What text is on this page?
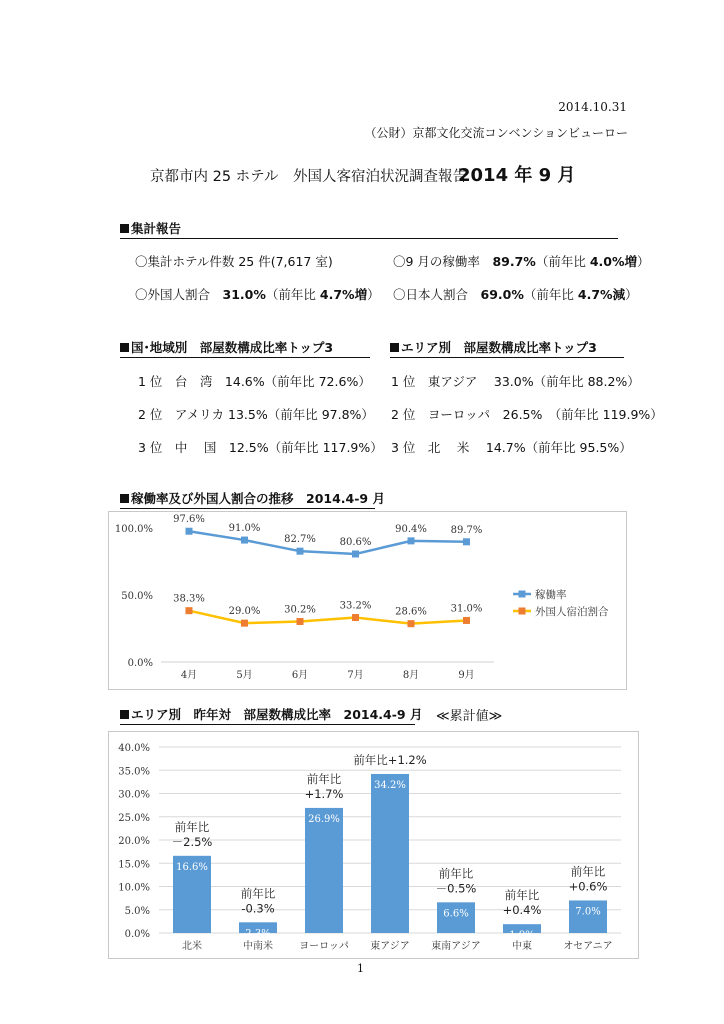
2014.10.31
（公財）京都文化交流コンベンションビューロー
京都市内 25 ホテル　外国人客宿泊状況調査報告
2014 年 9 月
集計報告
〇集計ホテル件数 25 件(7,617 室)	〇9 月の稼働率　 89.7%（前年比 4.0%増）
〇外国人割合　 31.0%（前年比 4.7%増） 〇日本人割合　 69.0%（前年比 4.7%減）
国･地域別　部屋数構成比率トップ3
1 位　台　湾　14.6%（前年比 72.6%）
2 位　アメリカ 13.5%（前年比 97.8%）
3 位　中　 国　12.5%（前年比 117.9%）
エリア別　部屋数構成比率トップ3
1 位　東アジア　 33.0%（前年比 88.2%）
2 位　ヨーロッパ　26.5%　（前年比 119.9%）
3 位　北　 米　 14.7%（前年比 95.5%）
稼働率及び外国人割合の推移　2014.4-9 月
0.0%
50.0%
100.0%
4月	5月	6月	7月	8月	9月
97.6%
91.0%
82.7% 80.6%
90.4% 89.7%
稼働率
38.3%
29.0% 30.2% 33.2%
28.6% 31.0%	外国人宿泊割合
エリア別　昨年対　部屋数構成比率　2014.4-9 月 ≪累計値≫
0.0%
5.0%
10.0%
15.0%
20.0%
25.0%
30.0%
35.0%
40.0%
16.6%
北米
前年比
－2.5%
2.3%
中南米
前年比
-0.3%
26.9%
ヨーロッパ
前年比
+1.7%
34.2%
東アジア
前年比+1.2%
6.6%
東南アジア
前年比
－0.5%
1.9%
中東
前年比
+0.4%	7.0%
オセアニア
前年比
+0.6%
1
